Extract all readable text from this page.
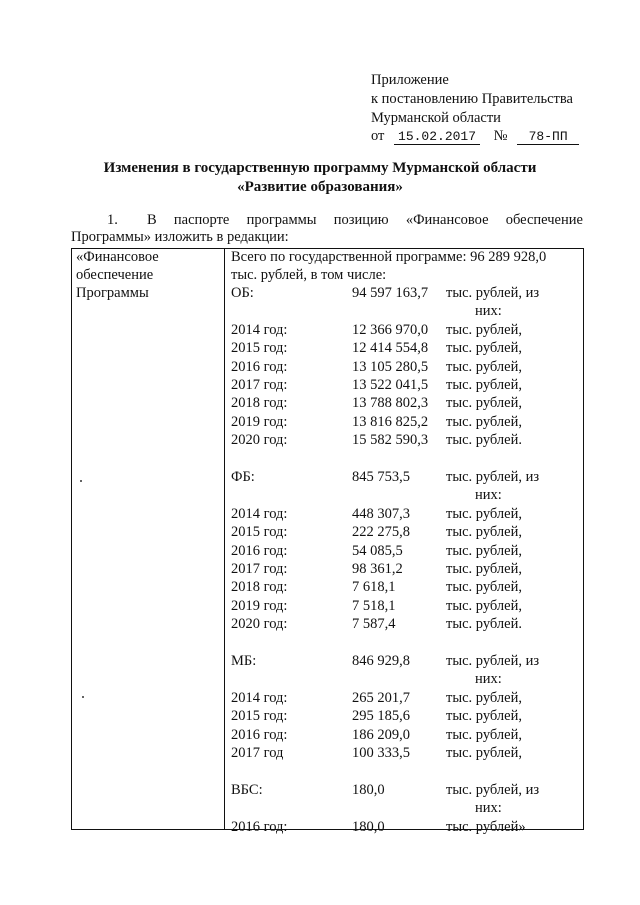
Приложение
к постановлению Правительства
Мурманской области
от 15.02.2017 № 78-ПП
Изменения в государственную программу Мурманской области
«Развитие образования»
1. В паспорте программы позицию «Финансовое обеспечение
Программы» изложить в редакции:
«Финансовое
обеспечение
Программы
Всего по государственной программе: 96 289 928,0
тыс. рублей, в том числе:
ОБ:	94 597 163,7 тыс. рублей, из
них:
2014 год:	12 366 970,0 тыс. рублей,
2015 год:	12 414 554,8 тыс. рублей,
2016 год:	13 105 280,5 тыс. рублей,
2017 год:	13 522 041,5 тыс. рублей,
2018 год:	13 788 802,3 тыс. рублей,
2019 год:	13 816 825,2 тыс. рублей,
2020 год:	15 582 590,3 тыс. рублей.
ФБ:	845 753,5 тыс. рублей, из
них:
2014 год:	448 307,3 тыс. рублей,
2015 год:	222 275,8 тыс. рублей,
2016 год:	54 085,5	тыс. рублей,
2017 год:	98 361,2	тыс. рублей,
2018 год:	7 618,1	тыс. рублей,
2019 год:	7 518,1	тыс. рублей,
2020 год:	7 587,4	тыс. рублей.
МБ:	846 929,8 тыс. рублей, из
них:
2014 год:	265 201,7 тыс. рублей,
2015 год:	295 185,6 тыс. рублей,
2016 год:	186 209,0 тыс. рублей,
2017 год	100 333,5 тыс. рублей,
ВБС:	180,0	тыс. рублей, из
них:
2016 год:	180,0	тыс. рублей»
